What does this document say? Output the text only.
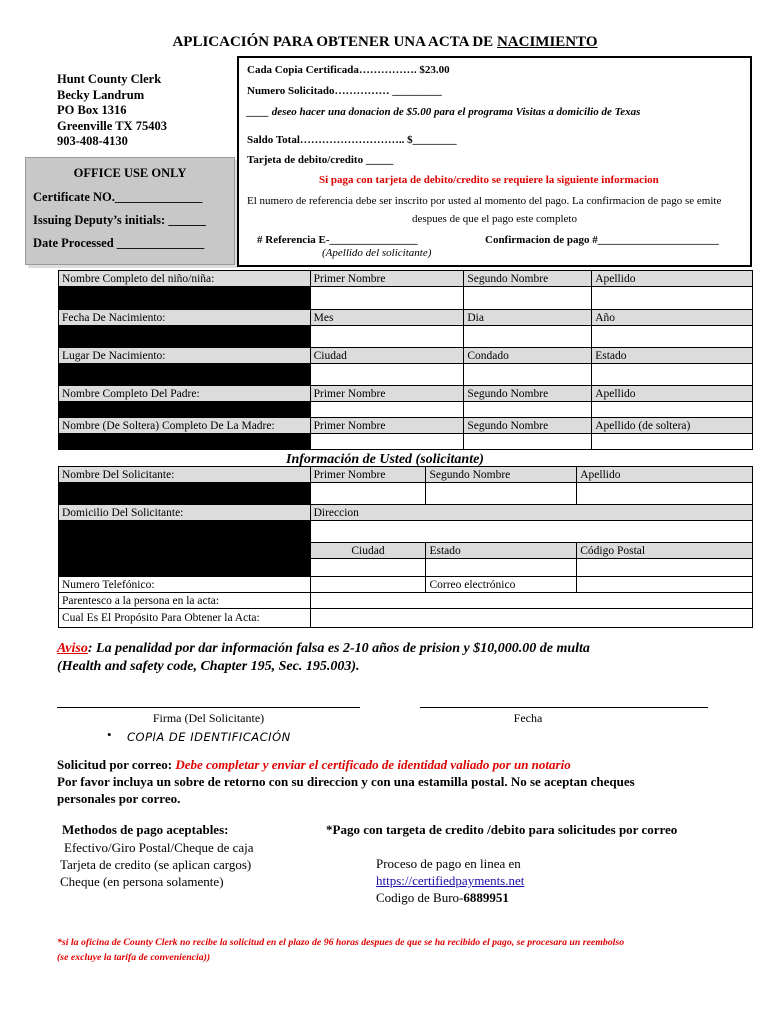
APLICACIÓN PARA OBTENER UNA ACTA DE NACIMIENTO
Hunt County Clerk
Becky Landrum
PO Box 1316
Greenville TX 75403
903-408-4130
OFFICE USE ONLY
Certificate NO.______________
Issuing Deputy’s initials: ______
Date Processed ______________
Cada Copia Certificada……………. $23.00
Numero Solicitado…………… _________
____ deseo hacer una donacion de $5.00 para el programa Visitas a domicilio de Texas
Saldo Total……………………….. $________
Tarjeta de debito/credito _____
Si paga con tarjeta de debito/credito se requiere la siguiente informacion
El numero de referencia debe ser inscrito por usted al momento del pago. La confirmacion de pago se emite
despues de que el pago este completo
# Referencia E-________________	Confirmacion de pago #______________________
(Apellido del solicitante)
Nombre Completo del niño/niña:	Primer Nombre	Segundo Nombre	Apellido

Fecha De Nacimiento:	Mes	Dia	Año

Lugar De Nacimiento:	Ciudad	Condado	Estado

Nombre Completo Del Padre:	Primer Nombre	Segundo Nombre	Apellido

Nombre (De Soltera) Completo De La Madre:	Primer Nombre	Segundo Nombre	Apellido (de soltera)

Información de Usted (solicitante)
Nombre Del Solicitante:	Primer Nombre	Segundo Nombre	Apellido

Domicilio Del Solicitante:	Direccion		

	Ciudad	Estado	Código Postal

Numero Telefónico:		Correo electrónico	
Parentesco a la persona en la acta:			
Cual Es El Propósito Para Obtener la Acta:			
Aviso: La penalidad por dar información falsa es 2-10 años de prision y $10,000.00 de multa
(Health and safety code, Chapter 195, Sec. 195.003).
Firma (Del Solicitante)	Fecha
• COPIA DE IDENTIFICACIÓN
Solicitud por correo: Debe completar y enviar el certificado de identidad valiado por un notario
Por favor incluya un sobre de retorno con su direccion y con una estamilla postal. No se aceptan cheques
personales por correo.
Methodos de pago aceptables:
Efectivo/Giro Postal/Cheque de caja
Tarjeta de credito (se aplican cargos)
Cheque (en persona solamente)
*Pago con targeta de credito /debito para solicitudes por correo
Proceso de pago en linea en
https://certifiedpayments.net
Codigo de Buro-6889951
*si la oficina de County Clerk no recibe la solicitud en el plazo de 96 horas despues de que se ha recibido el pago, se procesara un reembolso
(se excluye la tarifa de conveniencia))
